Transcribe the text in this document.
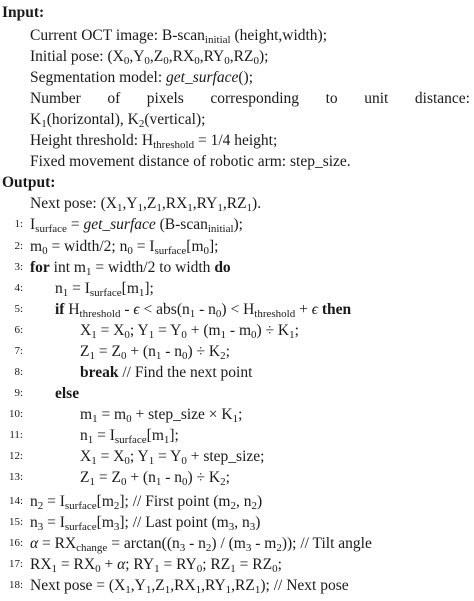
Input:
Current OCT image: B-scan$_{initial}$ (height,width);
Initial pose: $(X_0,Y_0,Z_0,RX_0,RY_0,RZ_0)$;
Segmentation model: get_surface();
Number of pixels corresponding to unit distance:
$K_1(horizontal)$, $K_2(vertical)$;
Height threshold: $H_{threshold} = 1/4$ height;
Fixed movement distance of robotic arm: step_size.
Output:
Next pose: $(X_1,Y_1,Z_1,RX_1,RY_1,RZ_1)$.
1: $I_{surface}$ = get_surface (B-scan$_{initial}$);
2: $m_0$ = width/2; $n_0 = I_{surface}[m_0]$;
3: for int $m_1$ = width/2 to width do
4: $n_1 = I_{surface}[m_1]$;
5: if $H_{threshold} - \epsilon < abs(n_1 - n_0) < H_{threshold} + \epsilon$ then
6:	$X_1 = X_0$; $Y_1 = Y_0 + (m_1 - m_0) \div K_1$;
7:	$Z_1 = Z_0 + (n_1 - n_0) \div K_2$;
8:	break // Find the next point
9: else
10:	$m_1 = m_0$ + step_size × $K_1$;
11:	$n_1 = I_{surface}[m_1]$;
12:	$X_1 = X_0$; $Y_1 = Y_0$ + step_size;
13:	$Z_1 = Z_0 + (n_1 - n_0) \div K_2$;
14: $n_2 = I_{surface}[m_2]$; // First point ($m_2$, $n_2$)
15: $n_3 = I_{surface}[m_3]$; // Last point ($m_3$, $n_3$)
16: $\alpha = RX_{change} = \arctan((n_3 - n_2) / (m_3 - m_2))$; // Tilt angle
17: $RX_1 = RX_0 + \alpha$; $RY_1 = RY_0$; $RZ_1 = RZ_0$;
18: Next pose = $(X_1,Y_1,Z_1,RX_1,RY_1,RZ_1)$; // Next pose
